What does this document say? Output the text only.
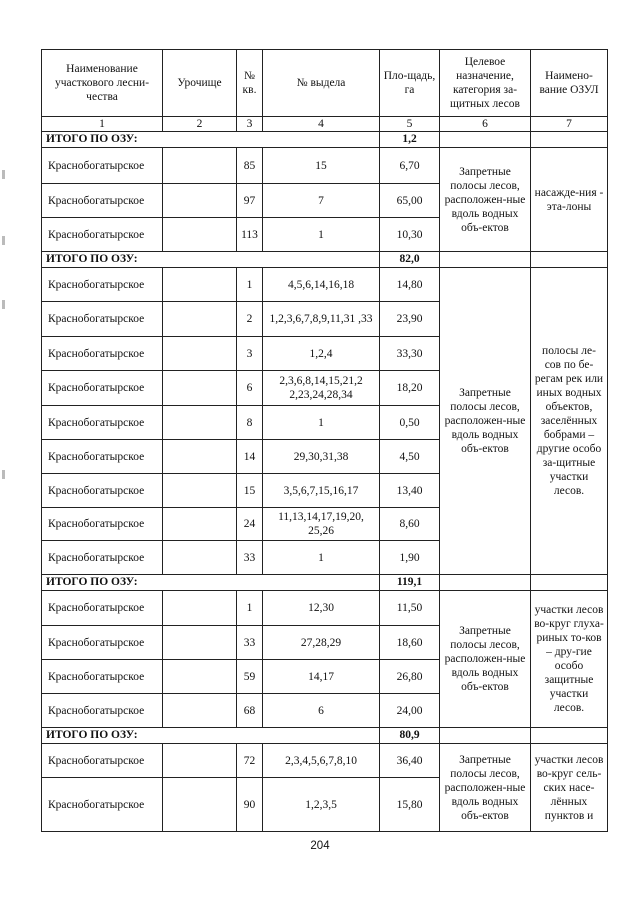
Наименование участкового лесни-чества	Урочище	№ кв.	№ выдела	Пло-щадь, га	Целевое назначение, категория за-щитных лесов	Наимено-вание ОЗУЛ
1	2	3	4	5	6	7
ИТОГО ПО ОЗУ:				1,2		
Краснобогатырское		85	15	6,70	Запретные полосы лесов, расположен-ные вдоль водных объ-ектов	насажде-ния - эта-лоны
Краснобогатырское		97	7	65,00		
Краснобогатырское		113	1	10,30		
ИТОГО ПО ОЗУ:				82,0		
Краснобогатырское		1	4,5,6,14,16,18	14,80	Запретные полосы лесов, расположен-ные вдоль водных объ-ектов	полосы ле-сов по бе-регам рек или иных водных объектов, заселённых бобрами – другие особо за-щитные участки лесов.
Краснобогатырское		2	1,2,3,6,7,8,9,11,31 ,33	23,90		
Краснобогатырское		3	1,2,4	33,30		
Краснобогатырское		6	2,3,6,8,14,15,21,2 2,23,24,28,34	18,20		
Краснобогатырское		8	1	0,50		
Краснобогатырское		14	29,30,31,38	4,50		
Краснобогатырское		15	3,5,6,7,15,16,17	13,40		
Краснобогатырское		24	11,13,14,17,19,20, 25,26	8,60		
Краснобогатырское		33	1	1,90		
ИТОГО ПО ОЗУ:				119,1		
Краснобогатырское		1	12,30	11,50	Запретные полосы лесов, расположен-ные вдоль водных объ-ектов	участки лесов во-круг глуха-риных то-ков – дру-гие особо защитные участки лесов.
Краснобогатырское		33	27,28,29	18,60		
Краснобогатырское		59	14,17	26,80		
Краснобогатырское		68	6	24,00		
ИТОГО ПО ОЗУ:				80,9		
Краснобогатырское		72	2,3,4,5,6,7,8,10	36,40	Запретные полосы лесов, расположен-ные вдоль водных объ-ектов	участки лесов во-круг сель-ских насе-лённых пунктов и
Краснобогатырское		90	1,2,3,5	15,80		
204
